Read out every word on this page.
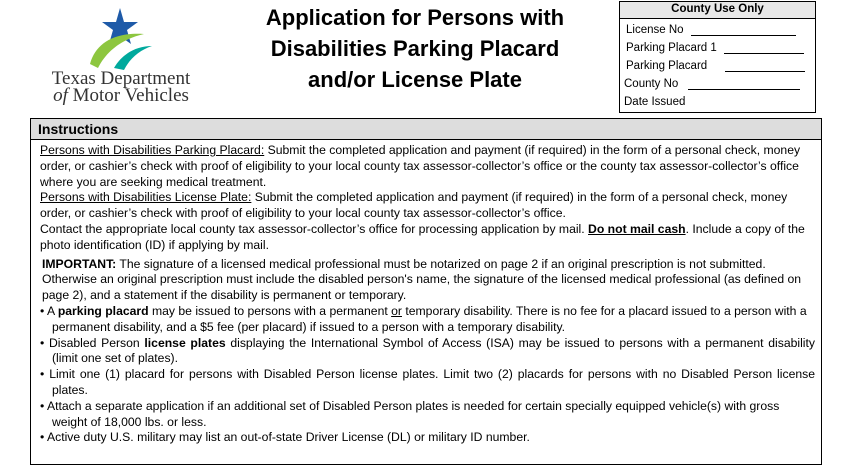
Texas Department
of Motor Vehicles
Application for Persons with
Disabilities Parking Placard
and/or License Plate
County Use Only
License No
Parking Placard 1
Parking Placard
County No
Date Issued
Instructions

Persons with Disabilities Parking Placard: Submit the completed application and payment (if required) in the form of a personal check, money order, or cashier’s check with proof of eligibility to your local county tax assessor-collector’s office or the county tax assessor-collector’s office where you are seeking medical treatment.

Persons with Disabilities License Plate: Submit the completed application and payment (if required) in the form of a personal check, money order, or cashier’s check with proof of eligibility to your local county tax assessor-collector’s office.

Contact the appropriate local county tax assessor-collector’s office for processing application by mail. Do not mail cash. Include a copy of the photo identification (ID) if applying by mail.

IMPORTANT: The signature of a licensed medical professional must be notarized on page 2 if an original prescription is not submitted. Otherwise an original prescription must include the disabled person's name, the signature of the licensed medical professional (as defined on page 2), and a statement if the disability is permanent or temporary.

• A parking placard may be issued to persons with a permanent or temporary disability. There is no fee for a placard issued to a person with a permanent disability, and a $5 fee (per placard) if issued to a person with a temporary disability.

• Disabled Person license plates displaying the International Symbol of Access (ISA) may be issued to persons with a permanent disability (limit one set of plates).

• Limit one (1) placard for persons with Disabled Person license plates. Limit two (2) placards for persons with no Disabled Person license plates.

• Attach a separate application if an additional set of Disabled Person plates is needed for certain specially equipped vehicle(s) with gross weight of 18,000 lbs. or less.

• Active duty U.S. military may list an out-of-state Driver License (DL) or military ID number.
